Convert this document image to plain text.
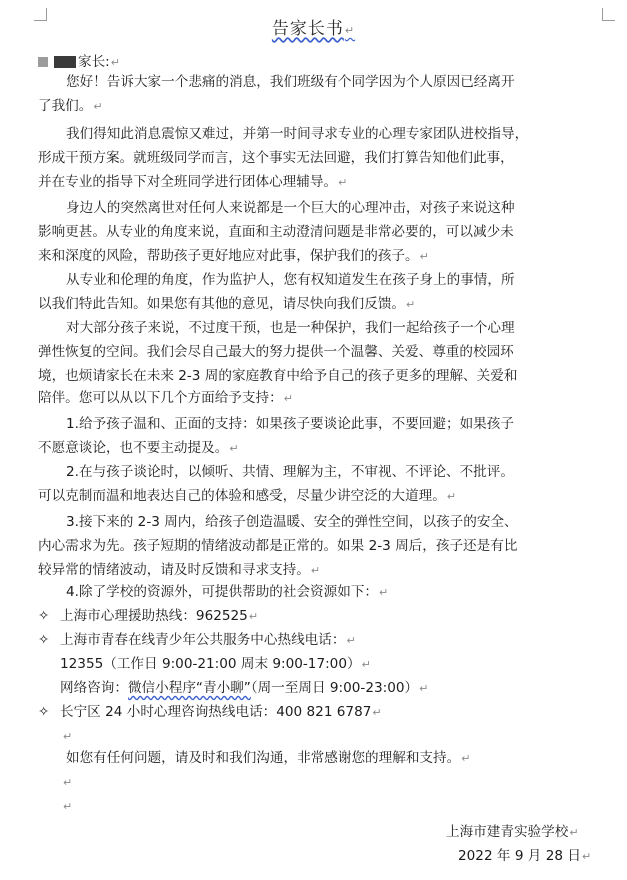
告家长书↵
家长:↵
您好！告诉大家一个悲痛的消息，我们班级有个同学因为个人原因已经离开
了我们。↵
我们得知此消息震惊又难过，并第一时间寻求专业的心理专家团队进校指导，
形成干预方案。就班级同学而言，这个事实无法回避，我们打算告知他们此事，
并在专业的指导下对全班同学进行团体心理辅导。↵
身边人的突然离世对任何人来说都是一个巨大的心理冲击，对孩子来说这种
影响更甚。从专业的角度来说，直面和主动澄清问题是非常必要的，可以减少未
来和深度的风险，帮助孩子更好地应对此事，保护我们的孩子。↵
从专业和伦理的角度，作为监护人，您有权知道发生在孩子身上的事情，所
以我们特此告知。如果您有其他的意见，请尽快向我们反馈。↵
对大部分孩子来说，不过度干预，也是一种保护，我们一起给孩子一个心理
弹性恢复的空间。我们会尽自己最大的努力提供一个温馨、关爱、尊重的校园环
境，也烦请家长在未来 2-3 周的家庭教育中给予自己的孩子更多的理解、关爱和
陪伴。您可以从以下几个方面给予支持：↵
1.给予孩子温和、正面的支持：如果孩子要谈论此事，不要回避；如果孩子
不愿意谈论，也不要主动提及。↵
2.在与孩子谈论时，以倾听、共情、理解为主，不审视、不评论、不批评。
可以克制而温和地表达自己的体验和感受，尽量少讲空泛的大道理。↵
3.接下来的 2-3 周内，给孩子创造温暖、安全的弹性空间，以孩子的安全、
内心需求为先。孩子短期的情绪波动都是正常的。如果 2-3 周后，孩子还是有比
较异常的情绪波动，请及时反馈和寻求支持。↵
4.除了学校的资源外，可提供帮助的社会资源如下：↵
✧ 上海市心理援助热线：962525↵
✧ 上海市青春在线青少年公共服务中心热线电话：↵
12355（工作日 9:00-21:00 周末 9:00-17:00）↵
网络咨询：微信小程序“青小聊”（周一至周日 9:00-23:00）↵
✧ 长宁区 24 小时心理咨询热线电话：400 821 6787↵
↵
如您有任何问题，请及时和我们沟通，非常感谢您的理解和支持。↵
↵
↵
上海市建青实验学校↵
2022 年 9 月 28 日↵
